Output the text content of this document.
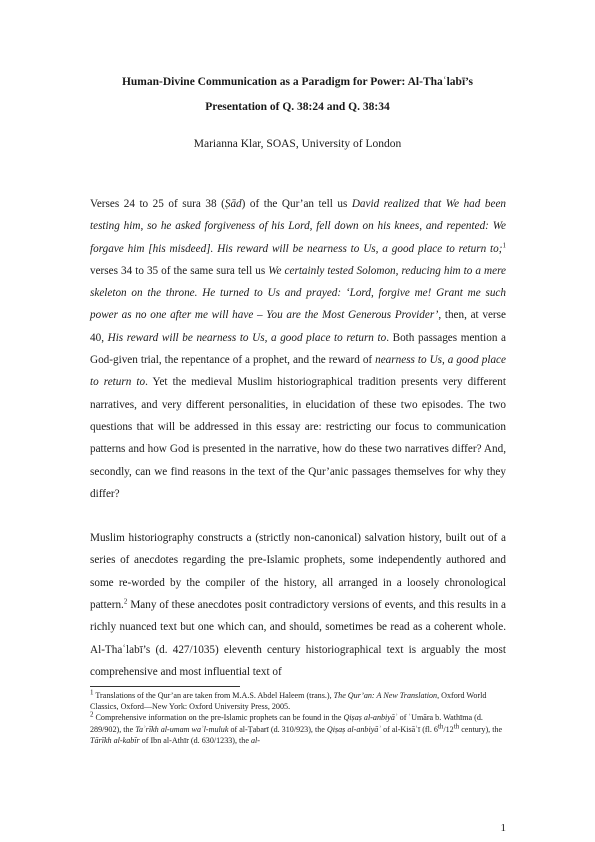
Human-Divine Communication as a Paradigm for Power: Al-Thaʿlabī’s
Presentation of Q. 38:24 and Q. 38:34
Marianna Klar, SOAS, University of London

Verses 24 to 25 of sura 38 (Ṣād) of the Qur’an tell us David realized that We had been testing him, so he asked forgiveness of his Lord, fell down on his knees, and repented: We forgave him [his misdeed]. His reward will be nearness to Us, a good place to return to;$^1$ verses 34 to 35 of the same sura tell us We certainly tested Solomon, reducing him to a mere skeleton on the throne. He turned to Us and prayed: ‘Lord, forgive me! Grant me such power as no one after me will have – You are the Most Generous Provider’, then, at verse 40, His reward will be nearness to Us, a good place to return to. Both passages mention a God-given trial, the repentance of a prophet, and the reward of nearness to Us, a good place to return to. Yet the medieval Muslim historiographical tradition presents very different narratives, and very different personalities, in elucidation of these two episodes. The two questions that will be addressed in this essay are: restricting our focus to communication patterns and how God is presented in the narrative, how do these two narratives differ? And, secondly, can we find reasons in the text of the Qur’anic passages themselves for why they differ?

Muslim historiography constructs a (strictly non-canonical) salvation history, built out of a series of anecdotes regarding the pre-Islamic prophets, some independently authored and some re-worded by the compiler of the history, all arranged in a loosely chronological pattern.$^2$ Many of these anecdotes posit contradictory versions of events, and this results in a richly nuanced text but one which can, and should, sometimes be read as a coherent whole. Al-Thaʿlabī’s (d. 427/1035) eleventh century historiographical text is arguably the most comprehensive and most influential text of

$^1$ Translations of the Qur’an are taken from M.A.S. Abdel Haleem (trans.), The Qur’an: A New Translation, Oxford World Classics, Oxford—New York: Oxford University Press, 2005.
$^2$ Comprehensive information on the pre-Islamic prophets can be found in the Qiṣaṣ al-anbiyāʾ of ʿUmāra b. Wathīma (d. 289/902), the Taʾrīkh al-umam waʾl-muluk of al-Ṭabarī (d. 310/923), the Qiṣaṣ al-anbiyāʾ of al-Kisāʾī (fl. 6th/12th century), the Tārīkh al-kabīr of Ibn al-Athīr (d. 630/1233), the al-
1
